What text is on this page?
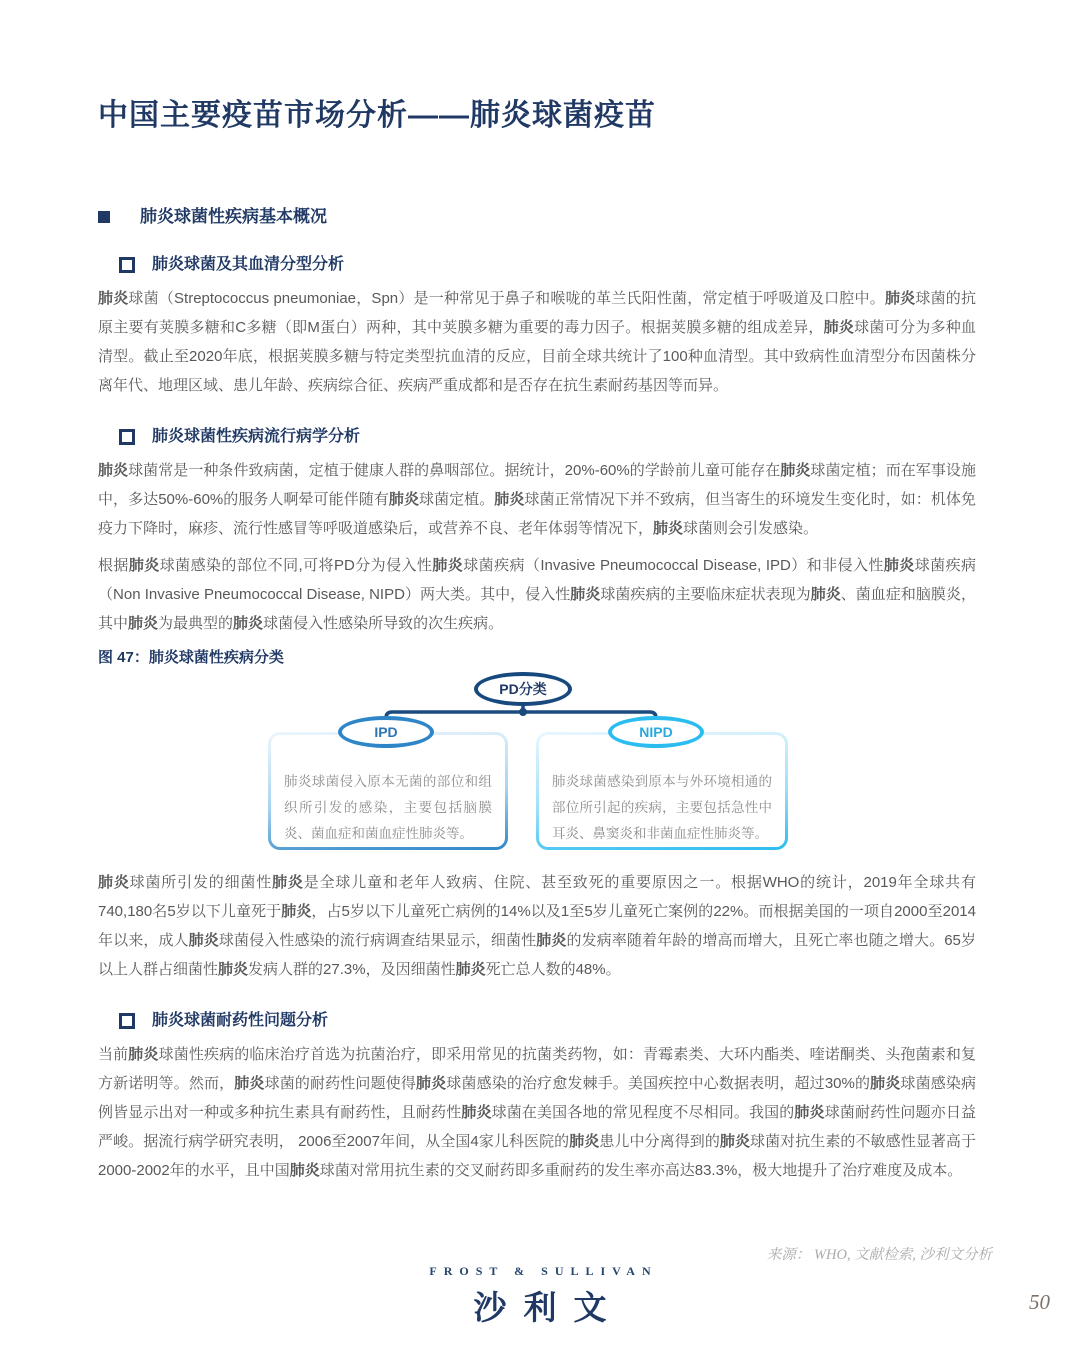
中国主要疫苗市场分析——肺炎球菌疫苗
肺炎球菌性疾病基本概况
肺炎球菌及其血清分型分析

肺炎球菌（Streptococcus pneumoniae，Spn）是一种常见于鼻子和喉咙的革兰氏阳性菌，常定植于呼吸道及口腔中。肺炎球菌的抗原主要有荚膜多糖和C多糖（即M蛋白）两种，其中荚膜多糖为重要的毒力因子。根据荚膜多糖的组成差异，肺炎球菌可分为多种血清型。截止至2020年底，根据荚膜多糖与特定类型抗血清的反应，目前全球共统计了100种血清型。其中致病性血清型分布因菌株分离年代、地理区域、患儿年龄、疾病综合征、疾病严重成都和是否存在抗生素耐药基因等而异。

肺炎球菌性疾病流行病学分析

肺炎球菌常是一种条件致病菌，定植于健康人群的鼻咽部位。据统计，20%-60%的学龄前儿童可能存在肺炎球菌定植；而在军事设施中，多达50%-60%的服务人啊晕可能伴随有肺炎球菌定植。肺炎球菌正常情况下并不致病，但当寄生的环境发生变化时，如：机体免疫力下降时，麻疹、流行性感冒等呼吸道感染后，或营养不良、老年体弱等情况下，肺炎球菌则会引发感染。

根据肺炎球菌感染的部位不同,可将PD分为侵入性肺炎球菌疾病（Invasive Pneumococcal Disease, IPD）和非侵入性肺炎球菌疾病（Non Invasive Pneumococcal Disease, NIPD）两大类。其中，侵入性肺炎球菌疾病的主要临床症状表现为肺炎、菌血症和脑膜炎，其中肺炎为最典型的肺炎球菌侵入性感染所导致的次生疾病。

图 47：肺炎球菌性疾病分类
肺炎球菌侵入原本无菌的部位和组织所引发的感染，主要包括脑膜炎、菌血症和菌血症性肺炎等。
肺炎球菌感染到原本与外环境相通的部位所引起的疾病，主要包括急性中耳炎、鼻窦炎和非菌血症性肺炎等。
PD分类
IPD	NIPD

肺炎球菌所引发的细菌性肺炎是全球儿童和老年人致病、住院、甚至致死的重要原因之一。根据WHO的统计，2019年全球共有740,180名5岁以下儿童死于肺炎，占5岁以下儿童死亡病例的14%以及1至5岁儿童死亡案例的22%。而根据美国的一项自2000至2014年以来，成人肺炎球菌侵入性感染的流行病调查结果显示，细菌性肺炎的发病率随着年龄的增高而增大，且死亡率也随之增大。65岁以上人群占细菌性肺炎发病人群的27.3%，及因细菌性肺炎死亡总人数的48%。

肺炎球菌耐药性问题分析

当前肺炎球菌性疾病的临床治疗首选为抗菌治疗，即采用常见的抗菌类药物，如：青霉素类、大环内酯类、喹诺酮类、头孢菌素和复方新诺明等。然而，肺炎球菌的耐药性问题使得肺炎球菌感染的治疗愈发棘手。美国疾控中心数据表明，超过30%的肺炎球菌感染病例皆显示出对一种或多种抗生素具有耐药性，且耐药性肺炎球菌在美国各地的常见程度不尽相同。我国的肺炎球菌耐药性问题亦日益严峻。据流行病学研究表明， 2006至2007年间，从全国4家儿科医院的肺炎患儿中分离得到的肺炎球菌对抗生素的不敏感性显著高于2000-2002年的水平，且中国肺炎球菌对常用抗生素的交叉耐药即多重耐药的发生率亦高达83.3%，极大地提升了治疗难度及成本。

来源： WHO, 文献检索, 沙利文分析
FROST & SULLIVAN
沙利文	50
